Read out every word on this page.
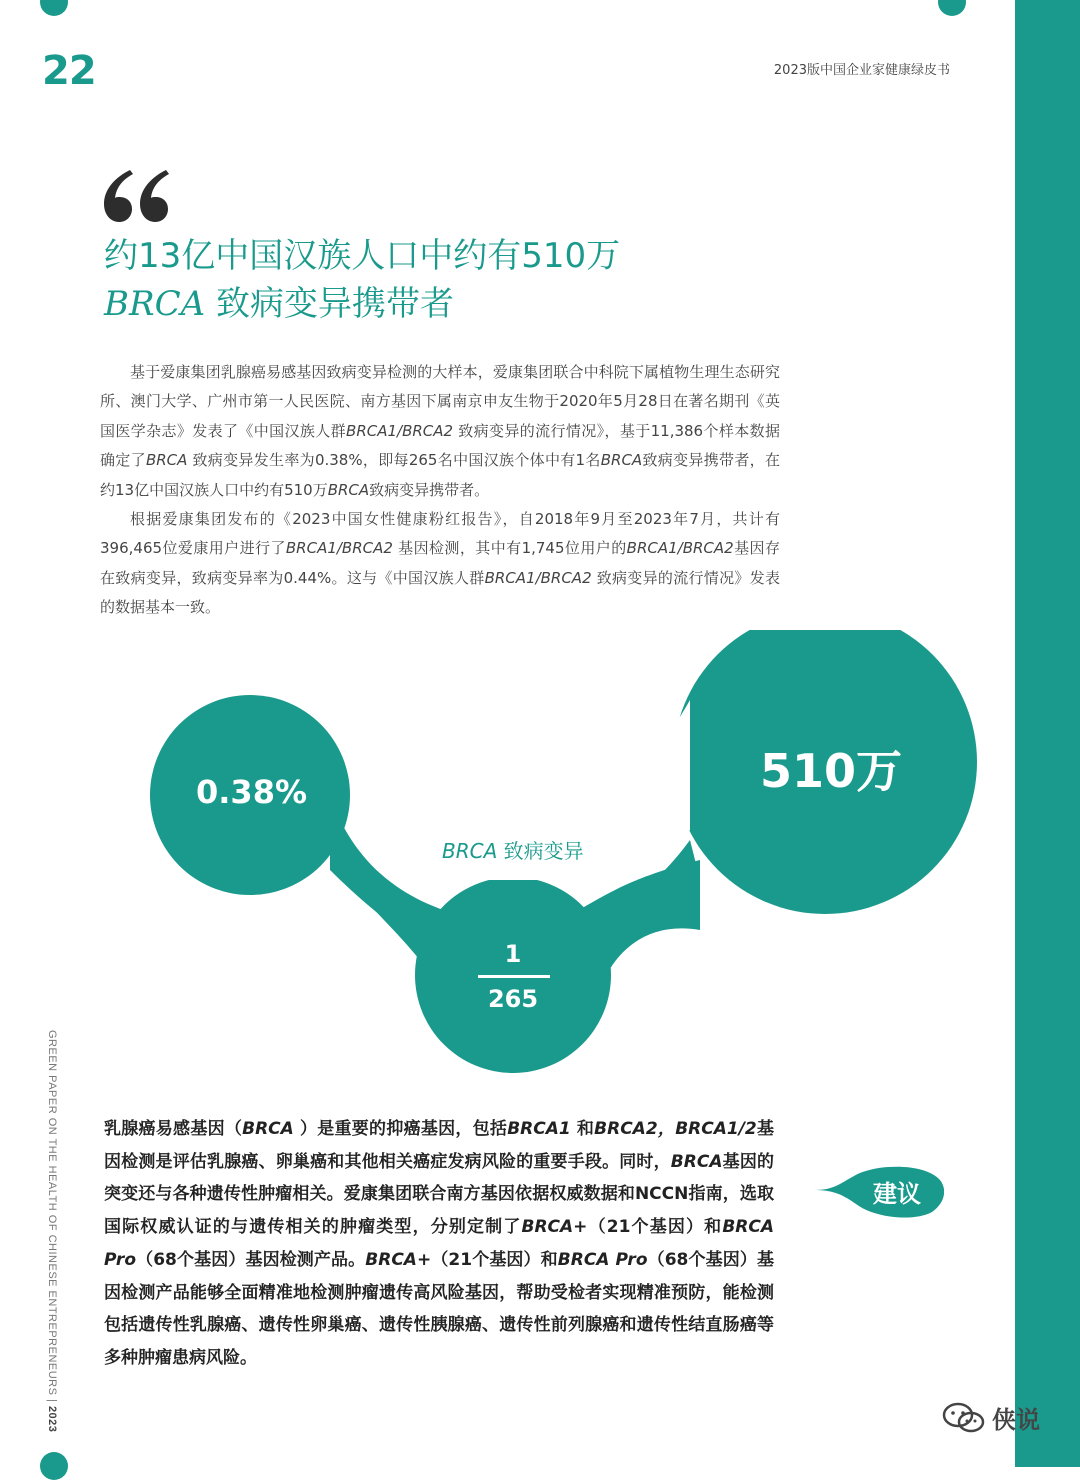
22	2023版中国企业家健康绿皮书
约13亿中国汉族人口中约有510万
BRCA 致病变异携带者

基于爱康集团乳腺癌易感基因致病变异检测的大样本，爱康集团联合中科院下属植物生理生态研究所、澳门大学、广州市第一人民医院、南方基因下属南京申友生物于2020年5月28日在著名期刊《英国医学杂志》发表了《中国汉族人群BRCA1/BRCA2 致病变异的流行情况》，基于11,386个样本数据确定了BRCA 致病变异发生率为0.38%，即每265名中国汉族个体中有1名BRCA致病变异携带者，在约13亿中国汉族人口中约有510万BRCA致病变异携带者。

根据爱康集团发布的《2023中国女性健康粉红报告》，自2018年9月至2023年7月，共计有396,465位爱康用户进行了BRCA1/BRCA2 基因检测，其中有1,745位用户的BRCA1/BRCA2基因存在致病变异，致病变异率为0.44%。这与《中国汉族人群BRCA1/BRCA2 致病变异的流行情况》发表的数据基本一致。

0.38%	510万
BRCA 致病变异
1
265
乳腺癌易感基因（BRCA ）是重要的抑癌基因，包括BRCA1 和BRCA2，BRCA1/2基因检测是评估乳腺癌、卵巢癌和其他相关癌症发病风险的重要手段。同时，BRCA基因的突变还与各种遗传性肿瘤相关。爱康集团联合南方基因依据权威数据和NCCN指南，选取国际权威认证的与遗传相关的肿瘤类型，分别定制了BRCA+（21个基因）和BRCA Pro（68个基因）基因检测产品。BRCA+（21个基因）和BRCA Pro（68个基因）基因检测产品能够全面精准地检测肿瘤遗传高风险基因，帮助受检者实现精准预防，能检测包括遗传性乳腺癌、遗传性卵巢癌、遗传性胰腺癌、遗传性前列腺癌和遗传性结直肠癌等多种肿瘤患病风险。
建议
GREEN PAPER ON THE HEALTH OF CHINESE ENTREPRENEURS | 2023	侠说
